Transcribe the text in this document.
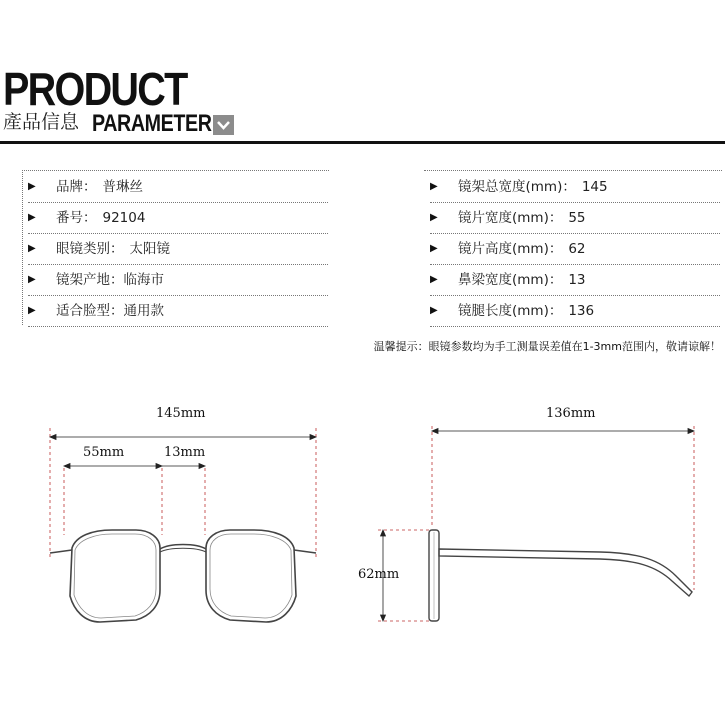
PRODUCT
產品信息 PARAMETER
▶	品牌： 普琳丝
▶	番号： 92104
▶	眼镜类别： 太阳镜
▶	镜架产地： 临海市
▶	适合脸型： 通用款
▶	镜架总宽度(mm)： 145
▶	镜片宽度(mm)： 55
▶	镜片高度(mm)： 62
▶	鼻梁宽度(mm)： 13
▶	镜腿长度(mm)： 136
温馨提示：眼镜参数均为手工测量误差值在1-3mm范围内，敬请谅解！
145mm
55mm	13mm
136mm
62mm
